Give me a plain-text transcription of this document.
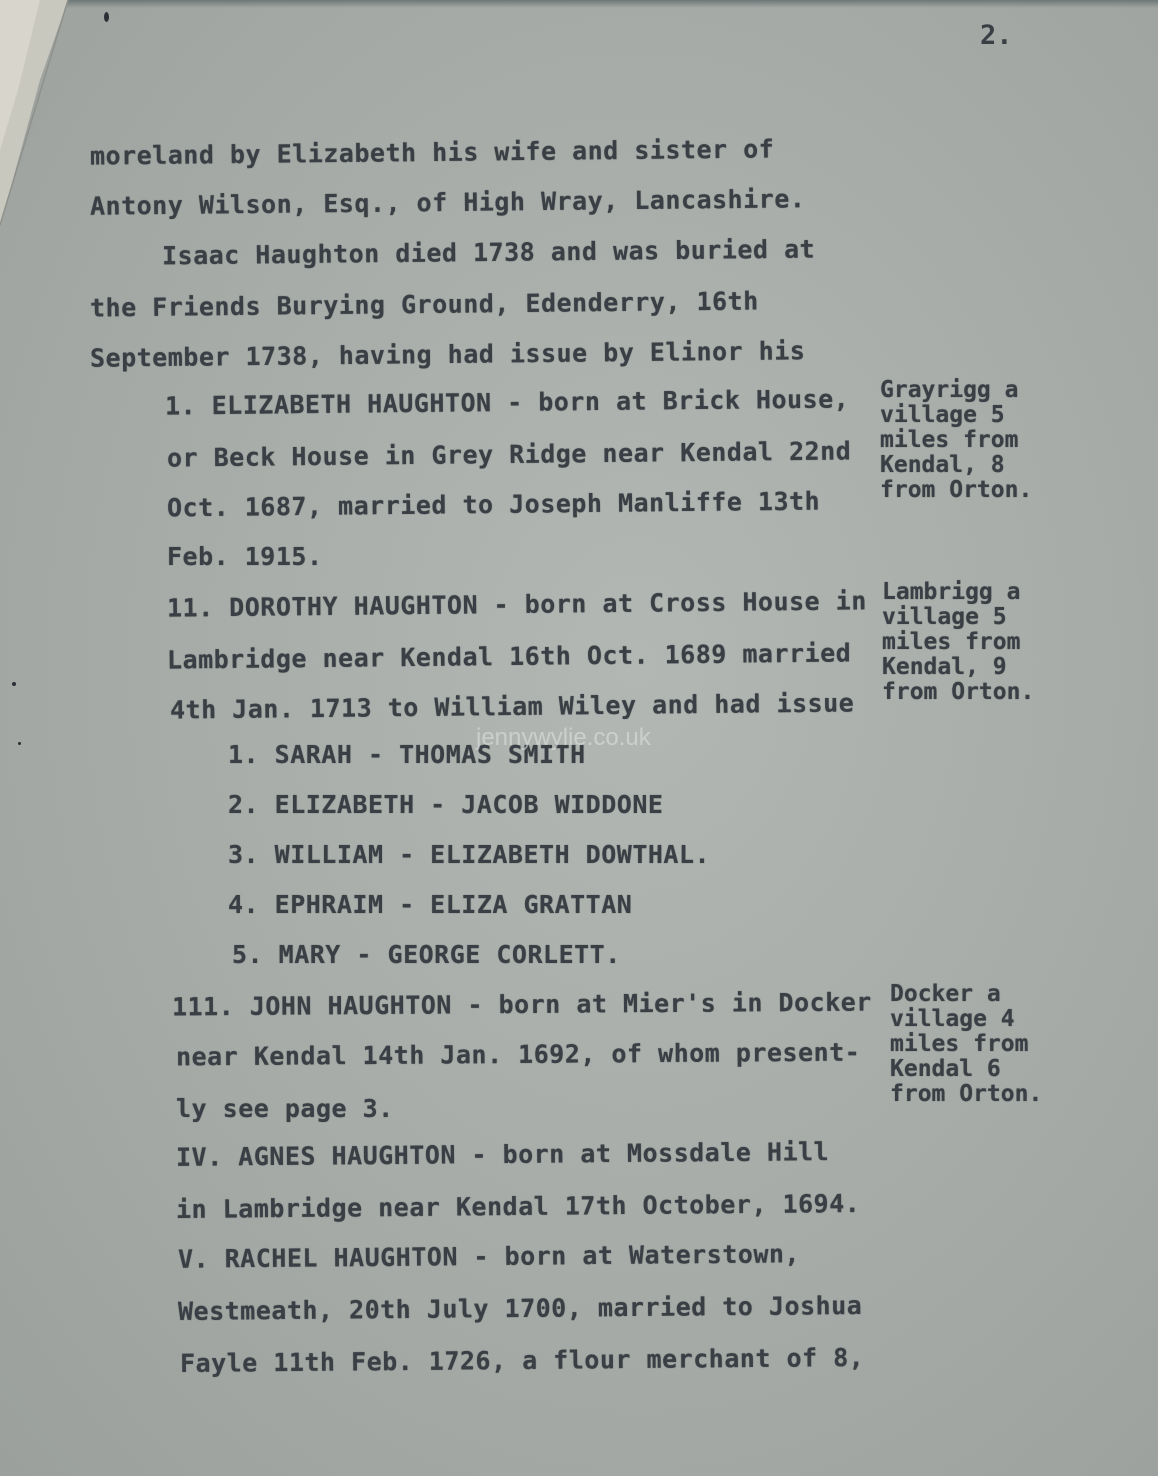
2.
moreland by Elizabeth his wife and sister of
Antony Wilson, Esq., of High Wray, Lancashire.
Isaac Haughton died 1738 and was buried at
the Friends Burying Ground, Edenderry, 16th
September 1738, having had issue by Elinor his
1. ELIZABETH HAUGHTON - born at Brick House,
or Beck House in Grey Ridge near Kendal 22nd
Oct. 1687, married to Joseph Manliffe 13th
Feb. 1915.
11. DOROTHY HAUGHTON - born at Cross House in
Lambridge near Kendal 16th Oct. 1689 married
4th Jan. 1713 to William Wiley and had issue
1. SARAH - THOMAS SMITH
2. ELIZABETH - JACOB WIDDONE
3. WILLIAM - ELIZABETH DOWTHAL.
4. EPHRAIM - ELIZA GRATTAN
5. MARY - GEORGE CORLETT.
111. JOHN HAUGHTON - born at Mier's in Docker
near Kendal 14th Jan. 1692, of whom present-
ly see page 3.
IV. AGNES HAUGHTON - born at Mossdale Hill
in Lambridge near Kendal 17th October, 1694.
V. RACHEL HAUGHTON - born at Waterstown,
Westmeath, 20th July 1700, married to Joshua
Fayle 11th Feb. 1726, a flour merchant of 8,
Grayrigg a
village 5
miles from
Kendal, 8
from Orton.
Lambrigg a
village 5
miles from
Kendal, 9
from Orton.
Docker a
village 4
miles from
Kendal 6
from Orton.
jennywylie.co.uk
